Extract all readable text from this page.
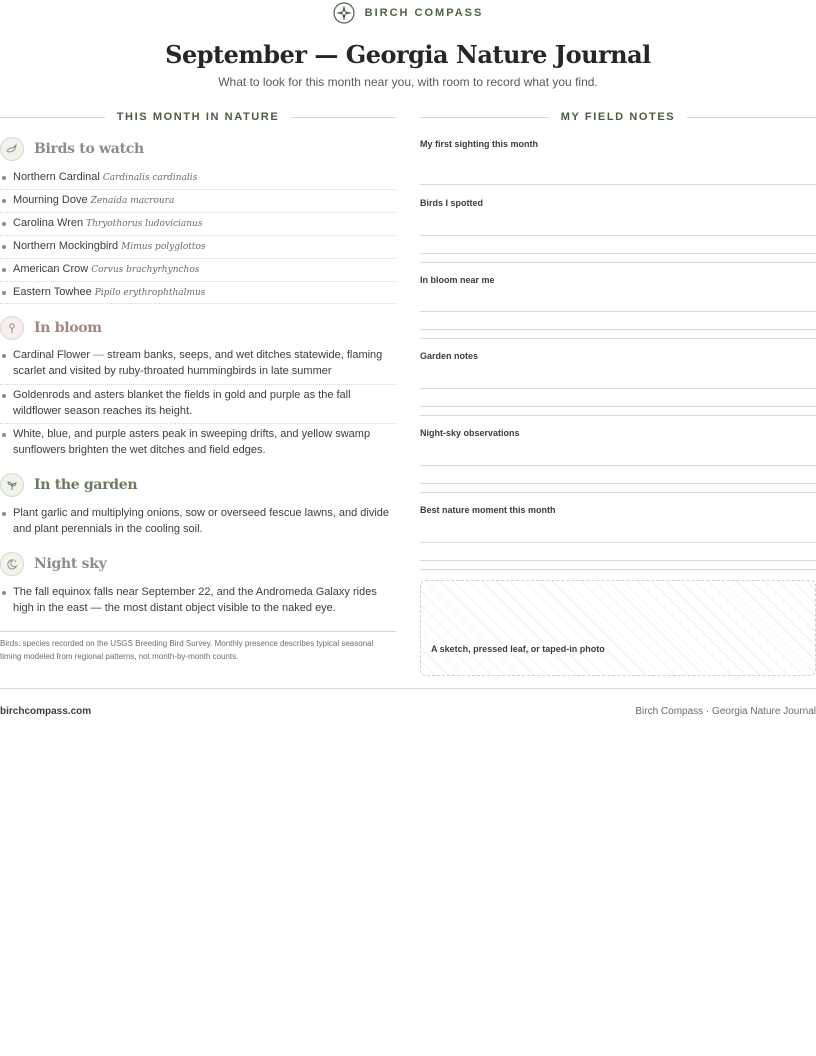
BIRCH COMPASS
September — Georgia Nature Journal

What to look for this month near you, with room to record what you find.

THIS MONTH IN NATURE	MY FIELD NOTES
Birds to watch
Northern Cardinal Cardinalis cardinalis
Mourning Dove Zenaida macroura
Carolina Wren Thryothorus ludovicianus
Northern Mockingbird Mimus polyglottos
American Crow Corvus brachyrhynchos
Eastern Towhee Pipilo erythrophthalmus
In bloom
Cardinal Flower — stream banks, seeps, and wet ditches statewide, flaming scarlet and visited by ruby-throated hummingbirds in late summer
Goldenrods and asters blanket the fields in gold and purple as the fall wildflower season reaches its height.
White, blue, and purple asters peak in sweeping drifts, and yellow swamp sunflowers brighten the wet ditches and field edges.
In the garden
Plant garlic and multiplying onions, sow or overseed fescue lawns, and divide and plant perennials in the cooling soil.
Night sky
The fall equinox falls near September 22, and the Andromeda Galaxy rides high in the east — the most distant object visible to the naked eye.

Birds: species recorded on the USGS Breeding Bird Survey. Monthly presence describes typical seasonal timing modeled from regional patterns, not month-by-month counts.

My first sighting this month
Birds I spotted
In bloom near me
Garden notes
Night-sky observations
Best nature moment this month
A sketch, pressed leaf, or taped-in photo
birchcompass.com	Birch Compass · Georgia Nature Journal
